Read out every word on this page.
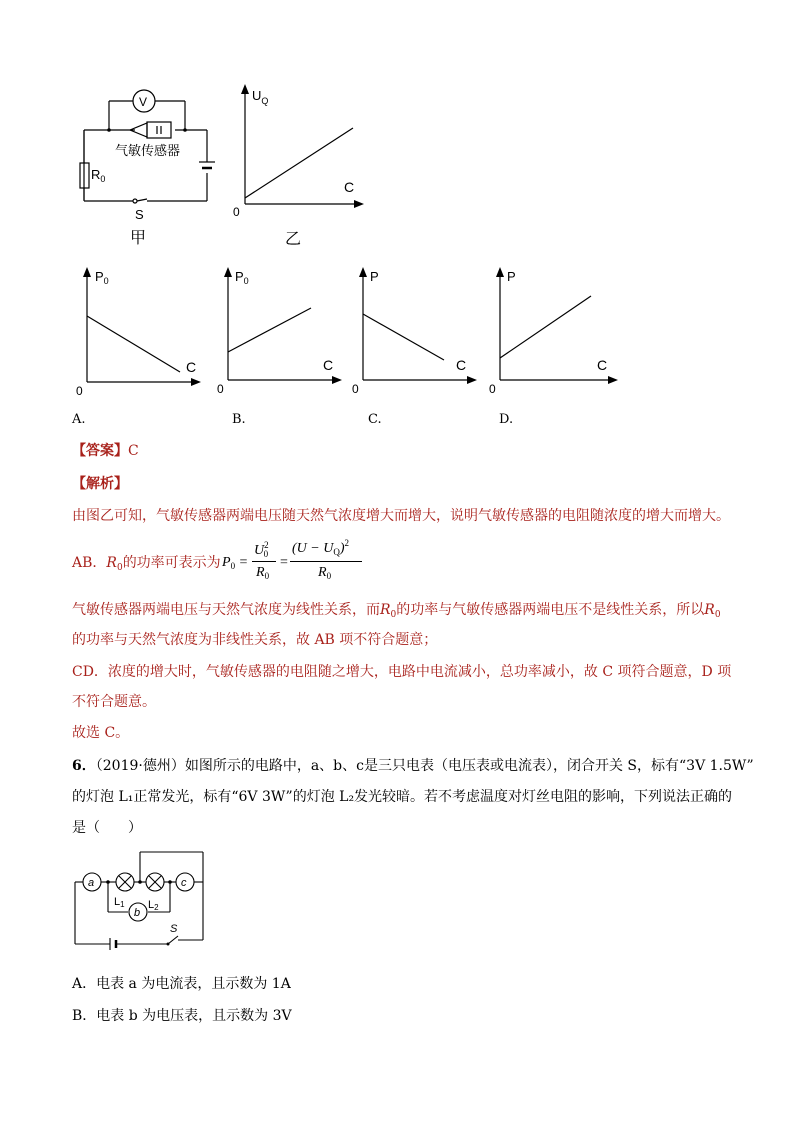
V
气敏传感器
$R_0$
S
甲
$U_Q$
C
0
乙
$P_0$
C
0
$P_0$
C
0
P
C
0
P
C
0
A.	B.	C.	D.
【答案】C
【解析】
由图乙可知，气敏传感器两端电压随天然气浓度增大而增大，说明气敏传感器的电阻随浓度的增大而增大。
AB．$R_0$的功率可表示为 $P_0$ =
$U^2_0$
$R_0$
=
$(U - U_Q)^2$
$R_0$
气敏传感器两端电压与天然气浓度为线性关系，而$R_0$的功率与气敏传感器两端电压不是线性关系，所以$R_0$
的功率与天然气浓度为非线性关系，故 AB 项不符合题意；
CD．浓度的增大时，气敏传感器的电阻随之增大，电路中电流减小，总功率减小，故 C 项符合题意，D 项
不符合题意。
故选 C。
6．（2019·德州）如图所示的电路中，a、b、c是三只电表（电压表或电流表），闭合开关 S，标有“3V 1.5W”
的灯泡 L₁正常发光，标有“6V 3W”的灯泡 L₂发光较暗。若不考虑温度对灯丝电阻的影响，下列说法正确的
是（　　）
a
b
c
L1 L2
S
A．电表 a 为电流表，且示数为 1A
B．电表 b 为电压表，且示数为 3V
